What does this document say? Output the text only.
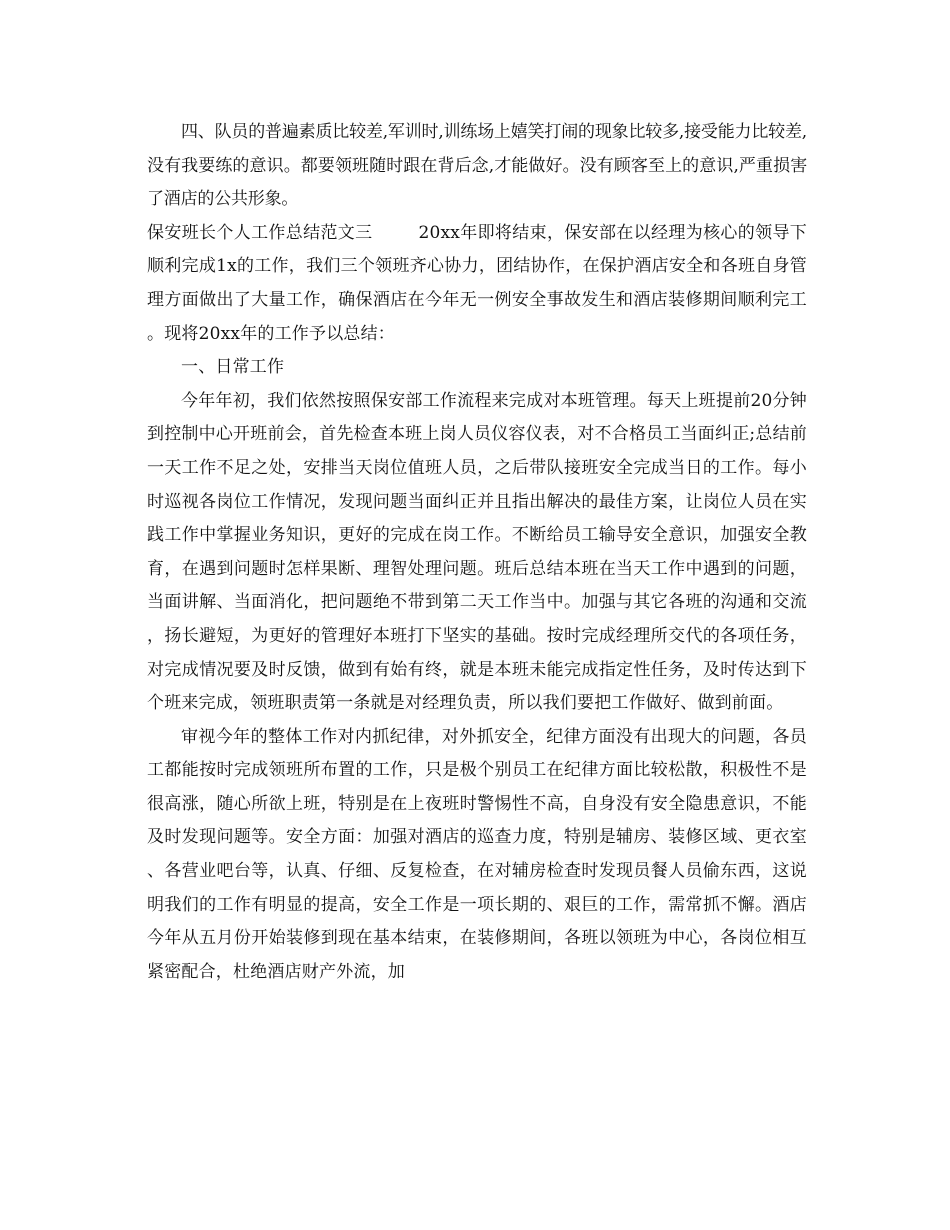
四、队员的普遍素质比较差,军训时,训练场上嬉笑打闹的现象比较多,接受能力比较差,没有我要练的意识。都要领班随时跟在背后念,才能做好。没有顾客至上的意识,严重损害了酒店的公共形象。

保安班长个人工作总结范文三	20xx年即将结束，保安部在以经理为核心的领导下顺利完成1x的工作，我们三个领班齐心协力，团结协作，在保护酒店安全和各班自身管理方面做出了大量工作，确保酒店在今年无一例安全事故发生和酒店装修期间顺利完工。现将20xx年的工作予以总结：

一、日常工作

今年年初，我们依然按照保安部工作流程来完成对本班管理。每天上班提前20分钟到控制中心开班前会，首先检查本班上岗人员仪容仪表，对不合格员工当面纠正;总结前一天工作不足之处，安排当天岗位值班人员，之后带队接班安全完成当日的工作。每小时巡视各岗位工作情况，发现问题当面纠正并且指出解决的最佳方案，让岗位人员在实践工作中掌握业务知识，更好的完成在岗工作。不断给员工输导安全意识，加强安全教育，在遇到问题时怎样果断、理智处理问题。班后总结本班在当天工作中遇到的问题，当面讲解、当面消化，把问题绝不带到第二天工作当中。加强与其它各班的沟通和交流，扬长避短，为更好的管理好本班打下坚实的基础。按时完成经理所交代的各项任务，对完成情况要及时反馈，做到有始有终，就是本班未能完成指定性任务，及时传达到下个班来完成，领班职责第一条就是对经理负责，所以我们要把工作做好、做到前面。

审视今年的整体工作对内抓纪律，对外抓安全，纪律方面没有出现大的问题，各员工都能按时完成领班所布置的工作，只是极个别员工在纪律方面比较松散，积极性不是很高涨，随心所欲上班，特别是在上夜班时警惕性不高，自身没有安全隐患意识，不能及时发现问题等。安全方面：加强对酒店的巡查力度，特别是辅房、装修区域、更衣室、各营业吧台等，认真、仔细、反复检查，在对辅房检查时发现员餐人员偷东西，这说明我们的工作有明显的提高，安全工作是一项长期的、艰巨的工作，需常抓不懈。酒店今年从五月份开始装修到现在基本结束，在装修期间，各班以领班为中心，各岗位相互紧密配合，杜绝酒店财产外流，加
